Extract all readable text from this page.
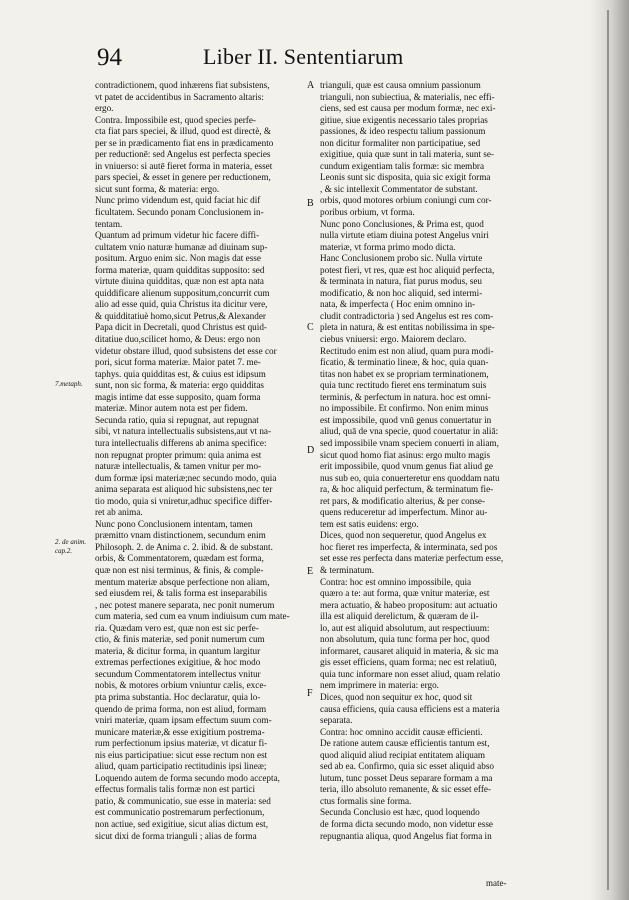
94	Liber II. Sententiarum

contradictionem, quod inhærens fiat subsistens,

vt patet de accidentibus in Sacramento altaris:

ergo.

Contra. Impossibile est, quod species perfe-

cta fiat pars speciei, & illud, quod est directè, &

per se in prædicamento fiat ens in prædicamento

per reductionē: sed Angelus est perfecta species

in vniuerso: si autē fieret forma in materia, esset

pars speciei, & esset in genere per reductionem,

sicut sunt forma, & materia: ergo.

Nunc primo videndum est, quid faciat hic dif

ficultatem. Secundo ponam Conclusionem in-

tentam.

Quantum ad primum videtur hic facere diffi-

cultatem vnio naturæ humanæ ad diuinam sup-

positum. Arguo enim sic. Non magis dat esse

forma materiæ, quam quidditas supposito: sed

virtute diuina quidditas, quæ non est apta nata

quiddificare alienum suppositum,concurrit cum

alio ad esse quid, quia Christus ita dicitur vere,

& quidditatiuè homo,sicut Petrus,& Alexander

Papa dicit in Decretali, quod Christus est quid-

ditatiue duo,scilicet homo, & Deus: ergo non

videtur obstare illud, quod subsistens det esse cor

pori, sicut forma materiæ. Maior patet 7. me-

taphys. quia quidditas est, & cuius est idipsum

sunt, non sic forma, & materia: ergo quidditas

magis intime dat esse supposito, quam forma

materiæ. Minor autem nota est per fidem.

Secunda ratio, quia si repugnat, aut repugnat

sibi, vt natura intellectualis subsistens,aut vt na-

tura intellectualis differens ab anima specifice:

non repugnat propter primum: quia anima est

naturæ intellectualis, & tamen vnitur per mo-

dum formæ ipsi materiæ;nec secundo modo, quia

anima separata est aliquod hic subsistens,nec ter

tio modo, quia si vniretur,adhuc specifice differ-

ret ab anima.

Nunc pono Conclusionem intentam, tamen

præmitto vnam distinctionem, secundum enim

Philosoph. 2. de Anima c. 2. ibid. & de substant.

orbis, & Commentatorem, quædam est forma,

quæ non est nisi terminus, & finis, & comple-

mentum materiæ absque perfectione non aliam,

sed eiusdem rei, & talis forma est inseparabilis

, nec potest manere separata, nec ponit numerum

cum materia, sed cum ea vnum indiuisum cum mate-

ria. Quædam vero est, quæ non est sic perfe-

ctio, & finis materiæ, sed ponit numerum cum

materia, & dicitur forma, in quantum largitur

extremas perfectiones exigitiue, & hoc modo

secundum Commentatorem intellectus vnitur

nobis, & motores orbium vniuntur cælis, exce-

pta prima substantia. Hoc declaratur, quia lo-

quendo de prima forma, non est aliud, formam

vniri materiæ, quam ipsam effectum suum com-

municare materiæ,& esse exigitium postrema-

rum perfectionum ipsius materiæ, vt dicatur fi-

nis eius participatiue: sicut esse rectum non est

aliud, quam participatio rectitudinis ipsi lineæ;

Loquendo autem de forma secundo modo accepta,

effectus formalis talis formæ non est partici

patio, & communicatio, sue esse in materia: sed

est communicatio postremarum perfectionum,

non actiue, sed exigitiue, sicut alias dictum est,

sicut dixi de forma trianguli ; alias de forma

trianguli, quæ est causa omnium passionum

trianguli, non subiectiua, & materialis, nec effi-

ciens, sed est causa per modum formæ, nec exi-

gitiue, siue exigentis necessario tales proprias

passiones, & ideo respectu talium passionum

non dicitur formaliter non participatiue, sed

exigitiue, quia quæ sunt in tali materia, sunt se-

cundum exigentiam talis formæ: sic membra

Leonis sunt sic disposita, quia sic exigit forma

, & sic intellexit Commentator de substant.

orbis, quod motores orbium coniungi cum cor-

poribus orbium, vt forma.

Nunc pono Conclusiones, & Prima est, quod

nulla virtute etiam diuina potest Angelus vniri

materiæ, vt forma primo modo dicta.

Hanc Conclusionem probo sic. Nulla virtute

potest fieri, vt res, quæ est hoc aliquid perfecta,

& terminata in natura, fiat purus modus, seu

modificatio, & non hoc aliquid, sed intermi-

nata, & imperfecta ( Hoc enim omnino in-

cludit contradictoria ) sed Angelus est res com-

pleta in natura, & est entitas nobilissima in spe-

ciebus vniuersi: ergo. Maiorem declaro.

Rectitudo enim est non aliud, quam pura modi-

ficatio, & terminatio lineæ, & hoc, quia quan-

titas non habet ex se propriam terminationem,

quia tunc rectitudo fieret ens terminatum suis

terminis, & perfectum in natura. hoc est omni-

no impossibile. Et confirmo. Non enim minus

est impossibile, quod vnū genus conuertatur in

aliud, quā de vna specie, quod couertatur in aliā:

sed impossibile vnam speciem conuerti in aliam,

sicut quod homo fiat asinus: ergo multo magis

erit impossibile, quod vnum genus fiat aliud ge

nus sub eo, quia conuerteretur ens quoddam natu

ra, & hoc aliquid perfectum, & terminatum fie-

ret pars, & modificatio alterius, & per conse-

quens reduceretur ad imperfectum. Minor au-

tem est satis euidens: ergo.

Dices, quod non sequeretur, quod Angelus ex

hoc fieret res imperfecta, & interminata, sed pos

set esse res perfecta dans materiæ perfectum esse,

& terminatum.

Contra: hoc est omnino impossibile, quia

quæro a te: aut forma, quæ vnitur materiæ, est

mera actuatio, & habeo propositum: aut actuatio

illa est aliquid derelictum, & quæram de il-

lo, aut est aliquid absolutum, aut respectiuum:

non absolutum, quia tunc forma per hoc, quod

informaret, causaret aliquid in materia, & sic ma

gis esset efficiens, quam forma; nec est relatiuū,

quia tunc informare non esset aliud, quam relatio

nem imprimere in materia: ergo.

Dices, quod non sequitur ex hoc, quod sit

causa efficiens, quia causa efficiens est a materia

separata.

Contra: hoc omnino accidit causæ efficienti.

De ratione autem causæ efficientis tantum est,

quod aliquid aliud recipiat entitatem aliquam

sed ab ea. Confirmo, quia sic esset aliquid abso

lutum, tunc posset Deus separare formam a ma

teria, illo absoluto remanente, & sic esset effe-

ctus formalis sine forma.

Secunda Conclusio est hæc, quod loquendo

de forma dicta secundo modo, non videtur esse

repugnantia aliqua, quod Angelus fiat forma in

7.metaph.
2. de anim.
cap.2.
A
B
C
D
E
F
mate-
